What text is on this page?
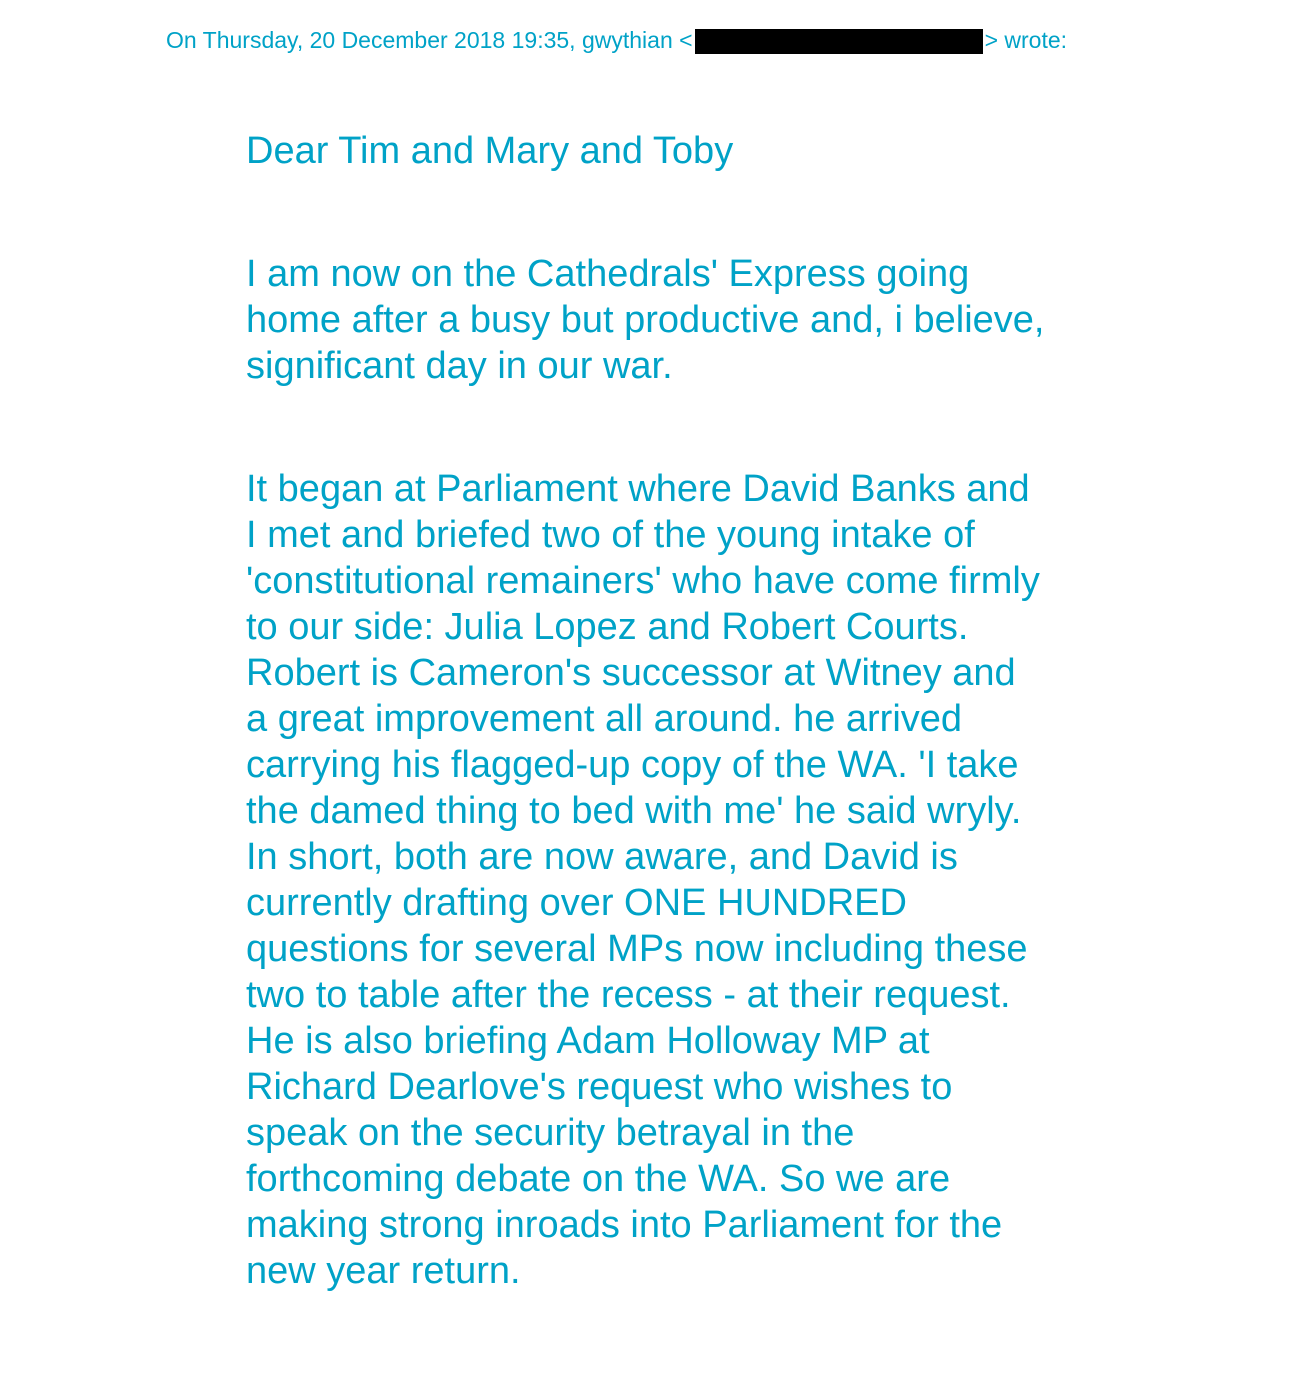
On Thursday, 20 December 2018 19:35, gwythian <	> wrote:

Dear Tim and Mary and Toby

I am now on the Cathedrals' Express going home after a busy but productive and, i believe, significant day in our war.

It began at Parliament where David Banks and I met and briefed two of the young intake of 'constitutional remainers' who have come firmly to our side: Julia Lopez and Robert Courts. Robert is Cameron's successor at Witney and a great improvement all around. he arrived carrying his flagged-up copy of the WA. 'I take the damed thing to bed with me' he said wryly. In short, both are now aware, and David is currently drafting over ONE HUNDRED questions for several MPs now including these two to table after the recess - at their request. He is also briefing Adam Holloway MP at Richard Dearlove's request who wishes to speak on the security betrayal in the forthcoming debate on the WA. So we are making strong inroads into Parliament for the new year return.
